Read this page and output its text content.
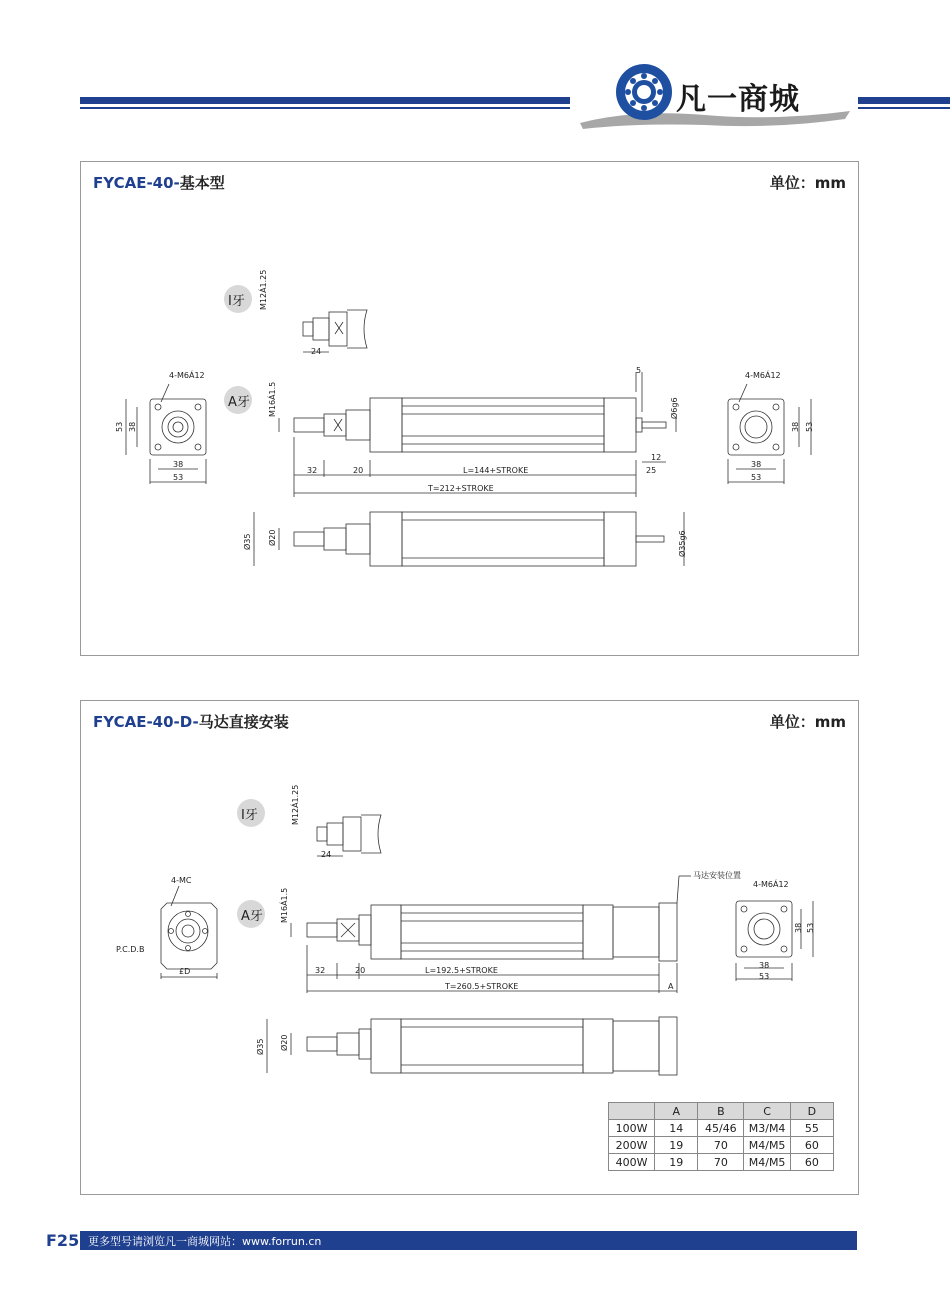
凡一商城
FYCAE-40-基本型	单位：mm
I牙
A牙
M12Á1.25
24
4-M6Á12
53 38
38
53
M16Á1.5
32	20	L=144+STROKE	25
12
5
Ø6g6
T=212+STROKE
4-M6Á12
38 53
38
53
Ø35 Ø20	Ø35g6
FYCAE-40-D-马达直接安装	单位：mm
I牙
A牙
M12Á1.25
24
4-MC
P.C.D.B
£D
M16Á1.5
马达安装位置
4-M6Á12
32	20	L=192.5+STROKE
T=260.5+STROKE	A
38 53
38
53
Ø35 Ø20
	A	B	C	D
100W	14	45/46	M3/M4	55
200W	19	70	M4/M5	60
400W	19	70	M4/M5	60
F25 更多型号请浏览凡一商城网站：www.forrun.cn
